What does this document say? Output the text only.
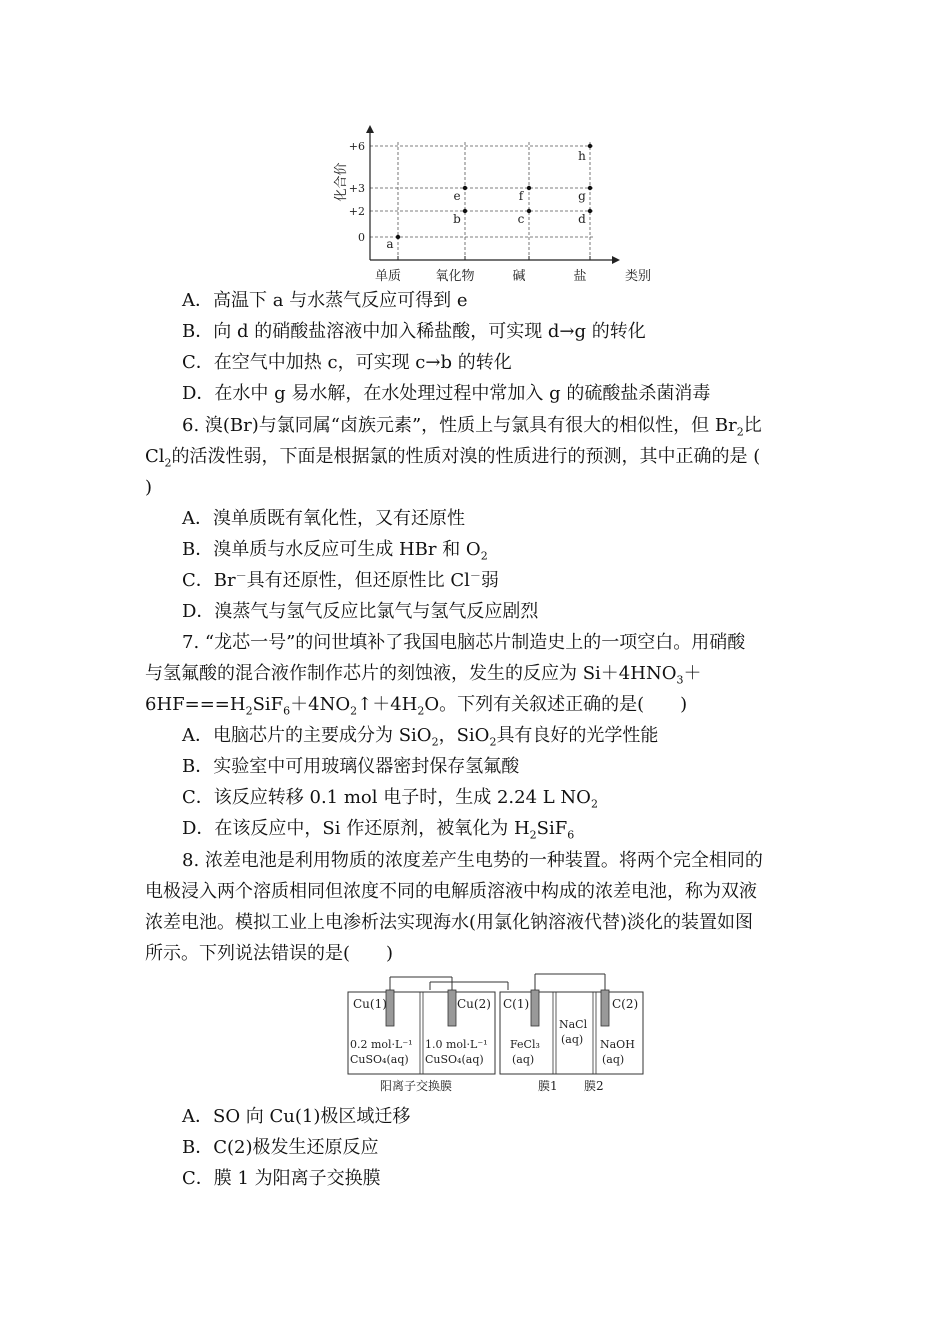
+6
+3
+2
0
单质	氧化物	碱	盐
a
e
b
f
c
h
g
d
类别
化合价
A．高温下 a 与水蒸气反应可得到 e
B．向 d 的硝酸盐溶液中加入稀盐酸，可实现 d→g 的转化
C．在空气中加热 c，可实现 c→b 的转化
D．在水中 g 易水解，在水处理过程中常加入 g 的硫酸盐杀菌消毒
6. 溴(Br)与氯同属“卤族元素”，性质上与氯具有很大的相似性，但 $Br_2$比
$Cl_2$的活泼性弱，下面是根据氯的性质对溴的性质进行的预测，其中正确的是 (
)
A．溴单质既有氧化性，又有还原性
B．溴单质与水反应可生成 HBr 和 $O_2$
C．Br－具有还原性，但还原性比 Cl－弱
D．溴蒸气与氢气反应比氯气与氢气反应剧烈
7. “龙芯一号”的问世填补了我国电脑芯片制造史上的一项空白。用硝酸
与氢氟酸的混合液作制作芯片的刻蚀液，发生的反应为 $Si+4HNO_3+$
$6HF===H_2SiF_6+4NO_2↑+4H_2O$。下列有关叙述正确的是(　　)
A．电脑芯片的主要成分为 SiO$_2$，SiO$_2$具有良好的光学性能
B．实验室中可用玻璃仪器密封保存氢氟酸
C．该反应转移 0.1 mol 电子时，生成 2.24 L $NO_2$
D．在该反应中，Si 作还原剂，被氧化为 $H_2SiF_6$
8. 浓差电池是利用物质的浓度差产生电势的一种装置。将两个完全相同的
电极浸入两个溶质相同但浓度不同的电解质溶液中构成的浓差电池，称为双液
浓差电池。模拟工业上电渗析法实现海水(用氯化钠溶液代替)淡化的装置如图
所示。下列说法错误的是(　　)
Cu(1)	Cu(2) C(1)	C(2)
0.2 mol·L⁻¹
CuSO₄(aq)
1.0 mol·L⁻¹
CuSO₄(aq)
FeCl₃
(aq)
NaCl
(aq) NaOH
(aq)
阳离子交换膜	膜1 膜2
A．SO 向 Cu(1)极区域迁移
B．C(2)极发生还原反应
C．膜 1 为阳离子交换膜
